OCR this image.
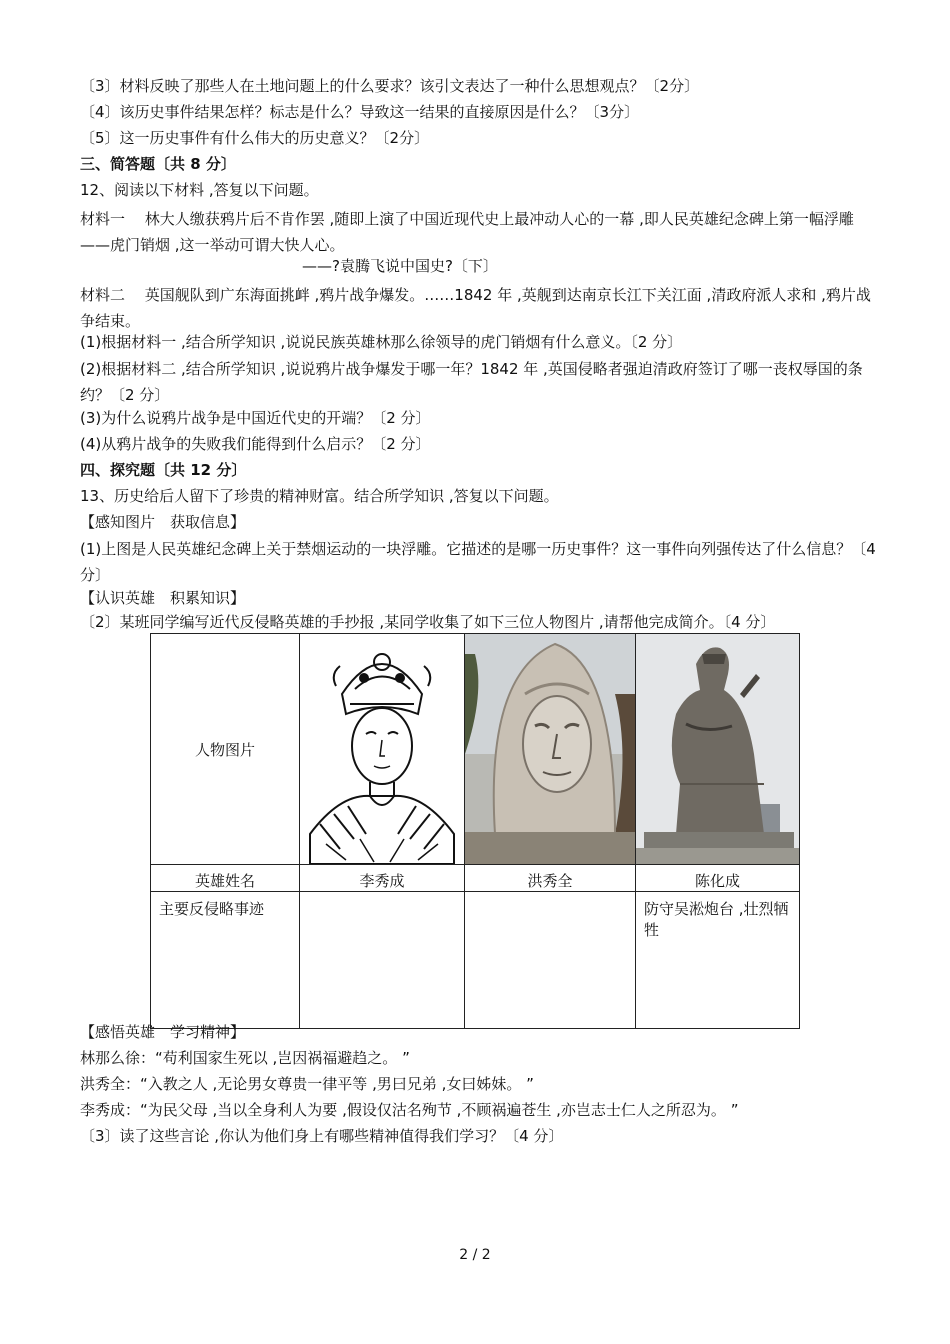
〔3〕材料反映了那些人在土地问题上的什么要求？该引文表达了一种什么思想观点？〔2分〕
〔4〕该历史事件结果怎样？标志是什么？导致这一结果的直接原因是什么？〔3分〕
〔5〕这一历史事件有什么伟大的历史意义？〔2分〕
三、简答题〔共 8 分〕
12、阅读以下材料 ,答复以下问题。
材料一　 林大人缴获鸦片后不肯作罢 ,随即上演了中国近现代史上最冲动人心的一幕 ,即人民英雄纪念碑上第一幅浮雕——虎门销烟 ,这一举动可谓大快人心。
——?袁腾飞说中国史?〔下〕
材料二　 英国舰队到广东海面挑衅 ,鸦片战争爆发。……1842 年 ,英舰到达南京长江下关江面 ,清政府派人求和 ,鸦片战争结束。
(1)根据材料一 ,结合所学知识 ,说说民族英雄林那么徐领导的虎门销烟有什么意义。〔2 分〕
(2)根据材料二 ,结合所学知识 ,说说鸦片战争爆发于哪一年？1842 年 ,英国侵略者强迫清政府签订了哪一丧权辱国的条约？〔2 分〕
(3)为什么说鸦片战争是中国近代史的开端？〔2 分〕
(4)从鸦片战争的失败我们能得到什么启示？〔2 分〕
四、探究题〔共 12 分〕
13、历史给后人留下了珍贵的精神财富。结合所学知识 ,答复以下问题。
【感知图片　获取信息】
(1)上图是人民英雄纪念碑上关于禁烟运动的一块浮雕。它描述的是哪一历史事件？这一事件向列强传达了什么信息？〔4 分〕
【认识英雄　积累知识】
〔2〕某班同学编写近代反侵略英雄的手抄报 ,某同学收集了如下三位人物图片 ,请帮他完成简介。〔4 分〕
人物图片	

英雄姓名	李秀成	洪秀全	陈化成
主要反侵略事迹			防守吴淞炮台 ,壮烈牺牲
【感悟英雄　学习精神】
林那么徐：“苟利国家生死以 ,岂因祸福避趋之。 ”
洪秀全：“入教之人 ,无论男女尊贵一律平等 ,男曰兄弟 ,女曰姊妹。 ”
李秀成：“为民父母 ,当以全身利人为要 ,假设仅沽名殉节 ,不顾祸遍苍生 ,亦岂志士仁人之所忍为。 ”
〔3〕读了这些言论 ,你认为他们身上有哪些精神值得我们学习？〔4 分〕
2 / 2
